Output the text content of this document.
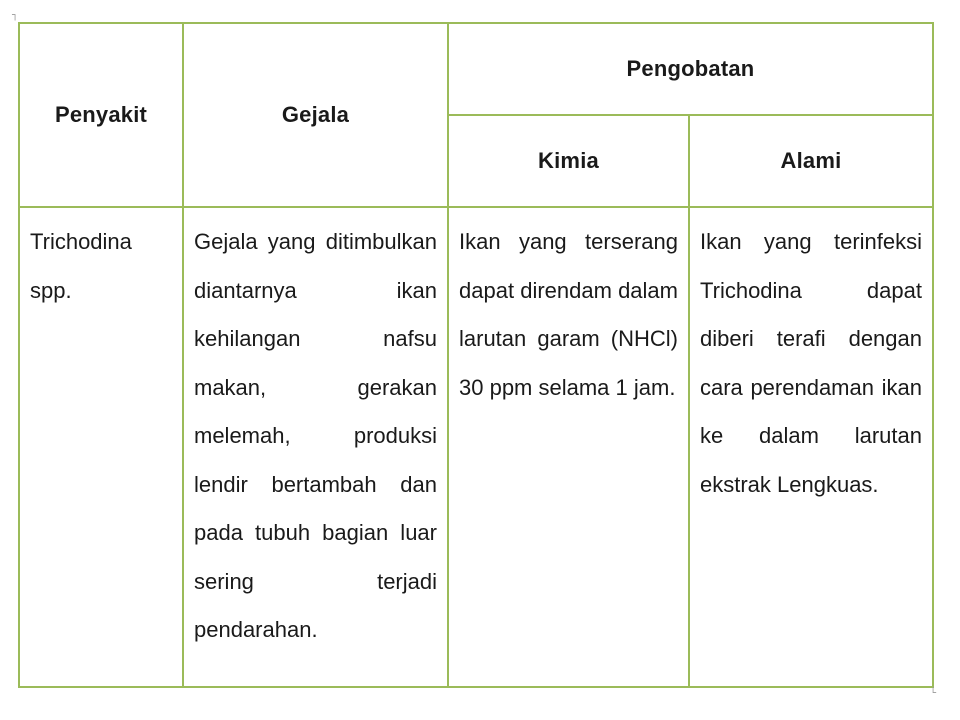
Penyakit	Gejala	Pengobatan	
		Kimia	Alami
Trichodina spp.	Gejala yang ditimbulkan diantarnya ikan kehilangan nafsu makan, gerakan melemah, produksi lendir bertambah dan pada tubuh bagian luar sering terjadi pendarahan.	Ikan yang terserang dapat direndam dalam larutan garam (NHCl) 30 ppm selama 1 jam.	Ikan yang terinfeksi Trichodina dapat diberi terafi dengan cara perendaman ikan ke dalam larutan ekstrak Lengkuas.
┐
└
